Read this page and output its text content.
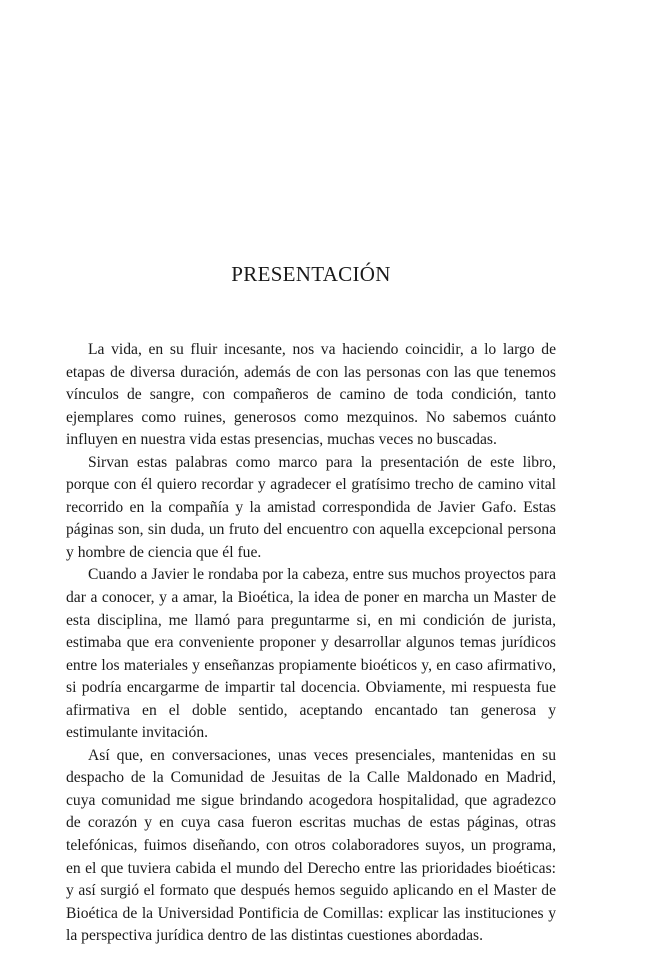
PRESENTACIÓN

La vida, en su fluir incesante, nos va haciendo coincidir, a lo largo de etapas de diversa duración, además de con las personas con las que tenemos vínculos de sangre, con compañeros de camino de toda condición, tanto ejemplares como ruines, generosos como mezquinos. No sabemos cuánto influyen en nuestra vida estas presencias, muchas veces no buscadas.

Sirvan estas palabras como marco para la presentación de este libro, porque con él quiero recordar y agradecer el gratísimo trecho de camino vital recorrido en la compañía y la amistad correspondida de Javier Gafo. Estas páginas son, sin duda, un fruto del encuentro con aquella excepcional persona y hombre de ciencia que él fue.

Cuando a Javier le rondaba por la cabeza, entre sus muchos proyectos para dar a conocer, y a amar, la Bioética, la idea de poner en marcha un Master de esta disciplina, me llamó para preguntarme si, en mi condición de jurista, estimaba que era conveniente proponer y desarrollar algunos temas jurídicos entre los materiales y enseñanzas propiamente bioéticos y, en caso afirmativo, si podría encargarme de impartir tal docencia. Obviamente, mi respuesta fue afirmativa en el doble sentido, aceptando encantado tan generosa y estimulante invitación.

Así que, en conversaciones, unas veces presenciales, mantenidas en su despacho de la Comunidad de Jesuitas de la Calle Maldonado en Madrid, cuya comunidad me sigue brindando acogedora hospitalidad, que agradezco de corazón y en cuya casa fueron escritas muchas de estas páginas, otras telefónicas, fuimos diseñando, con otros colaboradores suyos, un programa, en el que tuviera cabida el mundo del Derecho entre las prioridades bioéticas: y así surgió el formato que después hemos seguido aplicando en el Master de Bioética de la Universidad Pontificia de Comillas: explicar las instituciones y la perspectiva jurídica dentro de las distintas cuestiones abordadas.
